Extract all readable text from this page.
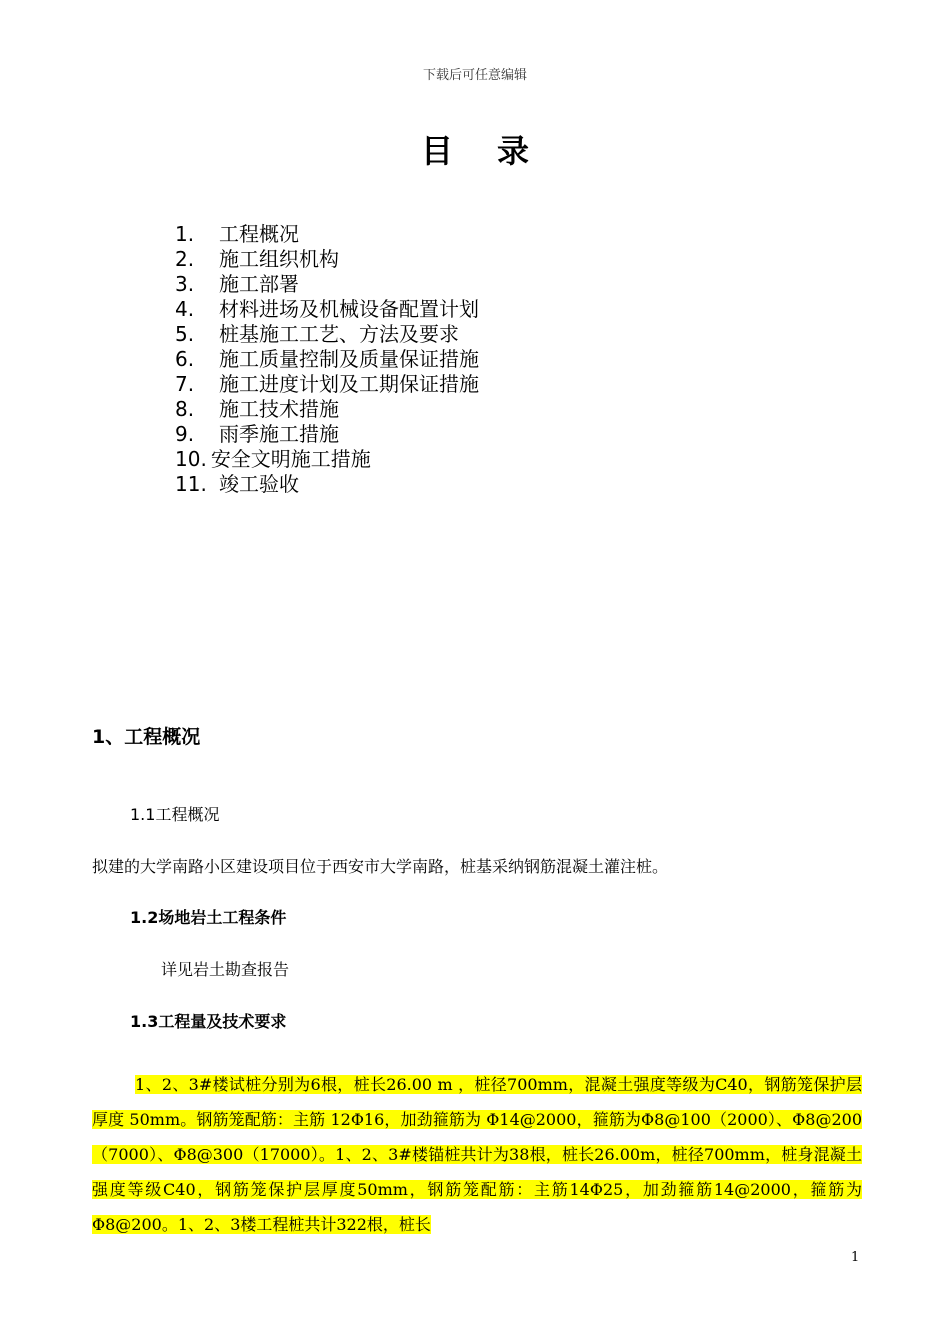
下载后可任意编辑
目录
1. 工程概况
2. 施工组织机构
3. 施工部署
4. 材料进场及机械设备配置计划
5. 桩基施工工艺、方法及要求
6. 施工质量控制及质量保证措施
7. 施工进度计划及工期保证措施
8. 施工技术措施
9. 雨季施工措施
10. 安全文明施工措施
11. 竣工验收
1、工程概况
1.1工程概况
拟建的大学南路小区建设项目位于西安市大学南路，桩基采纳钢筋混凝土灌注桩。
1.2场地岩土工程条件
详见岩土勘查报告
1.3工程量及技术要求
1、2、3#楼试桩分别为6根，桩长26.00 m ，桩径700mm，混凝土强度等级为C40，钢筋笼保护层厚度 50mm。钢筋笼配筋：主筋 12Φ16，加劲箍筋为 Φ14@2000，箍筋为Φ8@100（2000）、Φ8@200（7000）、Φ8@300（17000）。1、2、3#楼锚桩共计为38根，桩长26.00m，桩径700mm，桩身混凝土强度等级C40，钢筋笼保护层厚度50mm，钢筋笼配筋：主筋14Φ25，加劲箍筋14@2000，箍筋为Φ8@200。1、2、3楼工程桩共计322根，桩长
1
